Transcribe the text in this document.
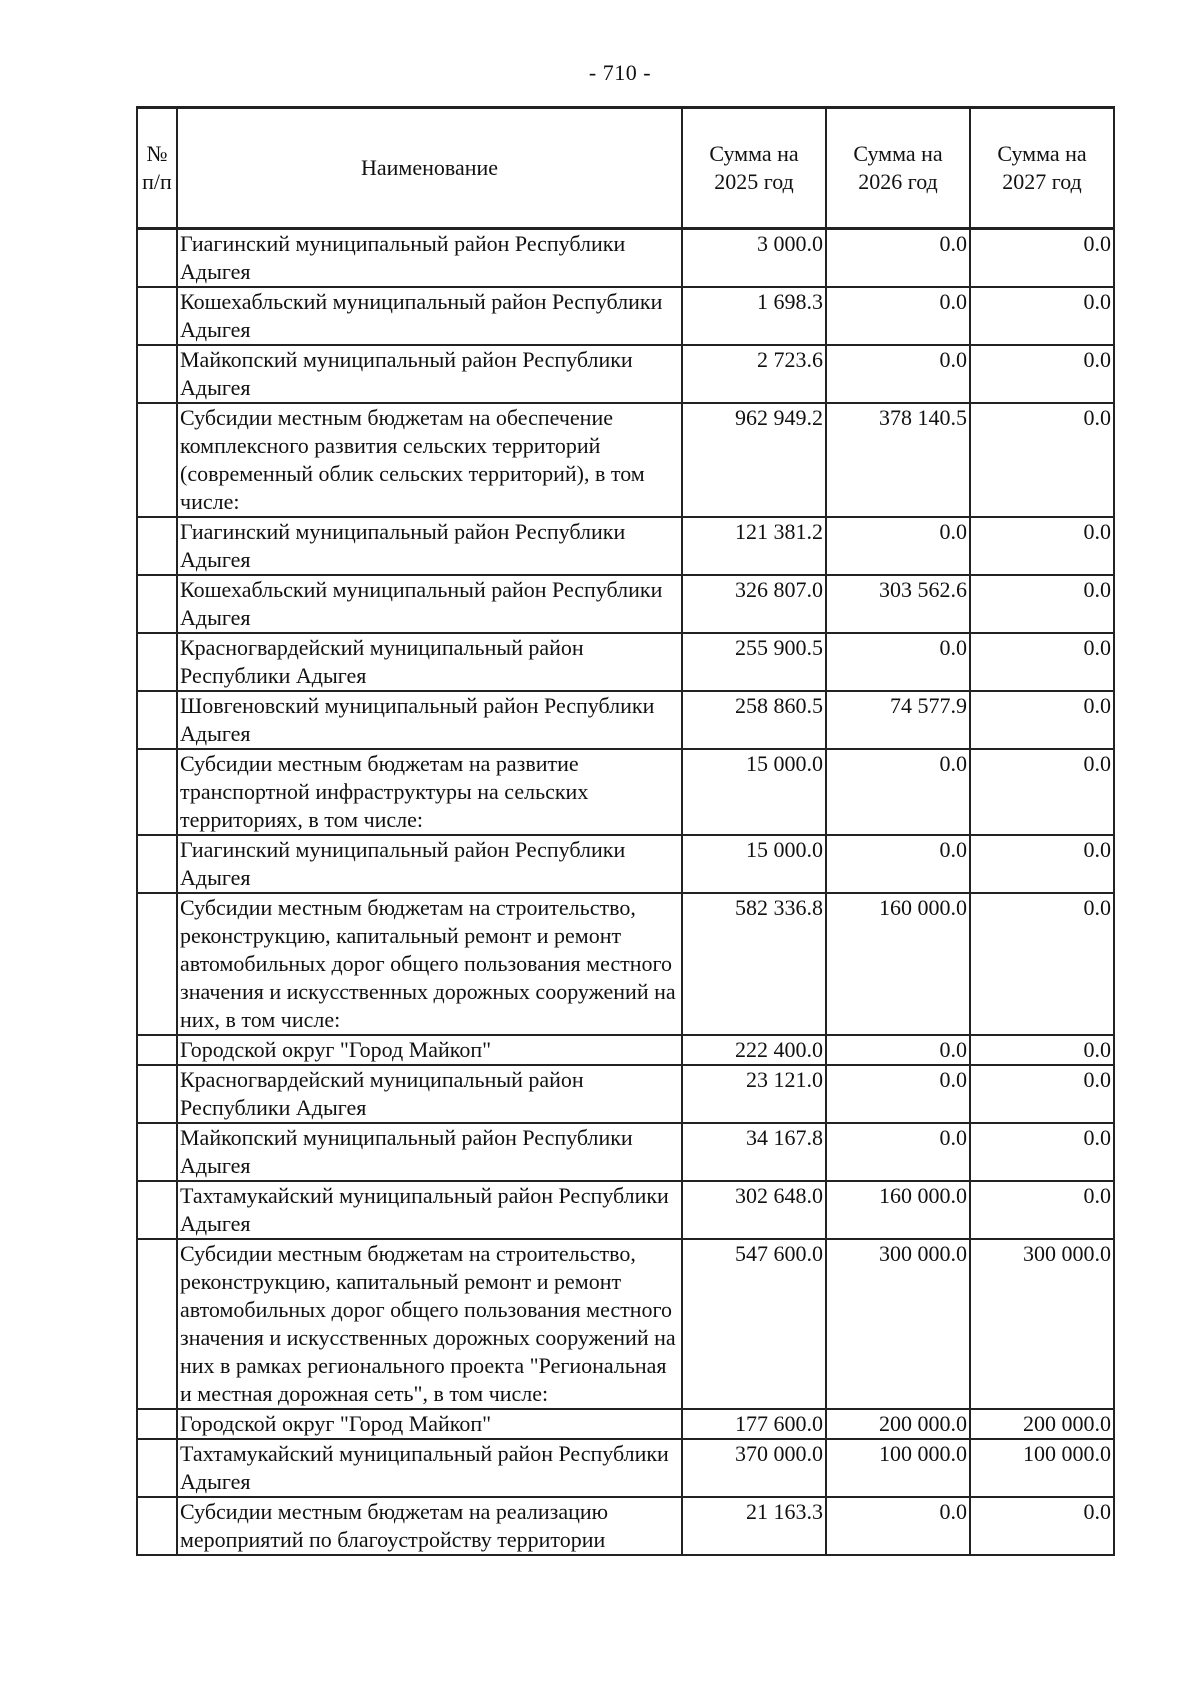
- 710 -
№ п/п	Наименование	Сумма на 2025 год	Сумма на 2026 год	Сумма на 2027 год
	Гиагинский муниципальный район Республики Адыгея	3 000.0	0.0	0.0
	Кошехабльский муниципальный район Республики Адыгея	1 698.3	0.0	0.0
	Майкопский муниципальный район Республики Адыгея	2 723.6	0.0	0.0
	Субсидии местным бюджетам на обеспечение комплексного развития сельских территорий (современный облик сельских территорий), в том числе:	962 949.2	378 140.5	0.0
	Гиагинский муниципальный район Республики Адыгея	121 381.2	0.0	0.0
	Кошехабльский муниципальный район Республики Адыгея	326 807.0	303 562.6	0.0
	Красногвардейский муниципальный район Республики Адыгея	255 900.5	0.0	0.0
	Шовгеновский муниципальный район Республики Адыгея	258 860.5	74 577.9	0.0
	Субсидии местным бюджетам на развитие транспортной инфраструктуры на сельских территориях, в том числе:	15 000.0	0.0	0.0
	Гиагинский муниципальный район Республики Адыгея	15 000.0	0.0	0.0
	Субсидии местным бюджетам на строительство, реконструкцию, капитальный ремонт и ремонт автомобильных дорог общего пользования местного значения и искусственных дорожных сооружений на них, в том числе:	582 336.8	160 000.0	0.0
	Городской округ "Город Майкоп"	222 400.0	0.0	0.0
	Красногвардейский муниципальный район Республики Адыгея	23 121.0	0.0	0.0
	Майкопский муниципальный район Республики Адыгея	34 167.8	0.0	0.0
	Тахтамукайский муниципальный район Республики Адыгея	302 648.0	160 000.0	0.0
	Субсидии местным бюджетам на строительство, реконструкцию, капитальный ремонт и ремонт автомобильных дорог общего пользования местного значения и искусственных дорожных сооружений на них в рамках регионального проекта "Региональная и местная дорожная сеть", в том числе:	547 600.0	300 000.0	300 000.0
	Городской округ "Город Майкоп"	177 600.0	200 000.0	200 000.0
	Тахтамукайский муниципальный район Республики Адыгея	370 000.0	100 000.0	100 000.0
	Субсидии местным бюджетам на реализацию мероприятий по благоустройству территории	21 163.3	0.0	0.0
